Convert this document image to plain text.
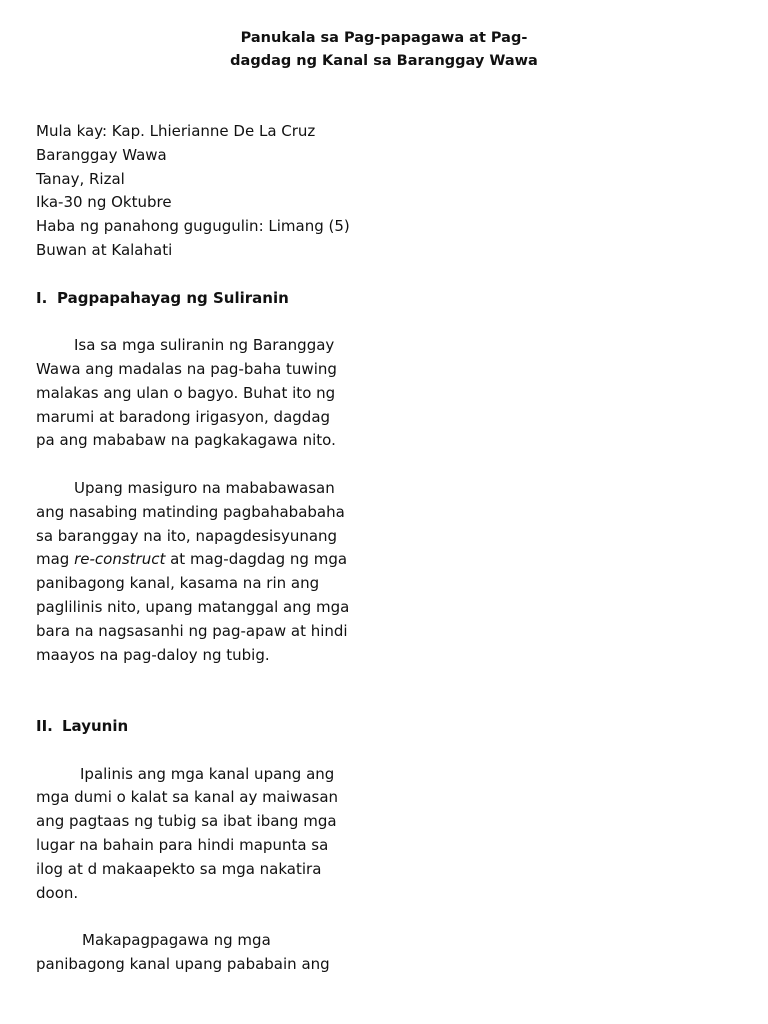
Panukala sa Pag-papagawa at Pag-
dagdag ng Kanal sa Baranggay Wawa
Mula kay: Kap. Lhierianne De La Cruz
Baranggay Wawa
Tanay, Rizal
Ika-30 ng Oktubre
Haba ng panahong gugugulin: Limang (5)
Buwan at Kalahati
I. Pagpapahayag ng Suliranin
Isa sa mga suliranin ng Baranggay
Wawa ang madalas na pag-baha tuwing
malakas ang ulan o bagyo. Buhat ito ng
marumi at baradong irigasyon, dagdag
pa ang mababaw na pagkakagawa nito.
Upang masiguro na mababawasan
ang nasabing matinding pagbahababaha
sa baranggay na ito, napagdesisyunang
mag re-construct at mag-dagdag ng mga
panibagong kanal, kasama na rin ang
paglilinis nito, upang matanggal ang mga
bara na nagsasanhi ng pag-apaw at hindi
maayos na pag-daloy ng tubig.
II. Layunin
Ipalinis ang mga kanal upang ang
mga dumi o kalat sa kanal ay maiwasan
ang pagtaas ng tubig sa ibat ibang mga
lugar na bahain para hindi mapunta sa
ilog at d makaapekto sa mga nakatira
doon.
Makapagpagawa ng mga
panibagong kanal upang pababain ang
